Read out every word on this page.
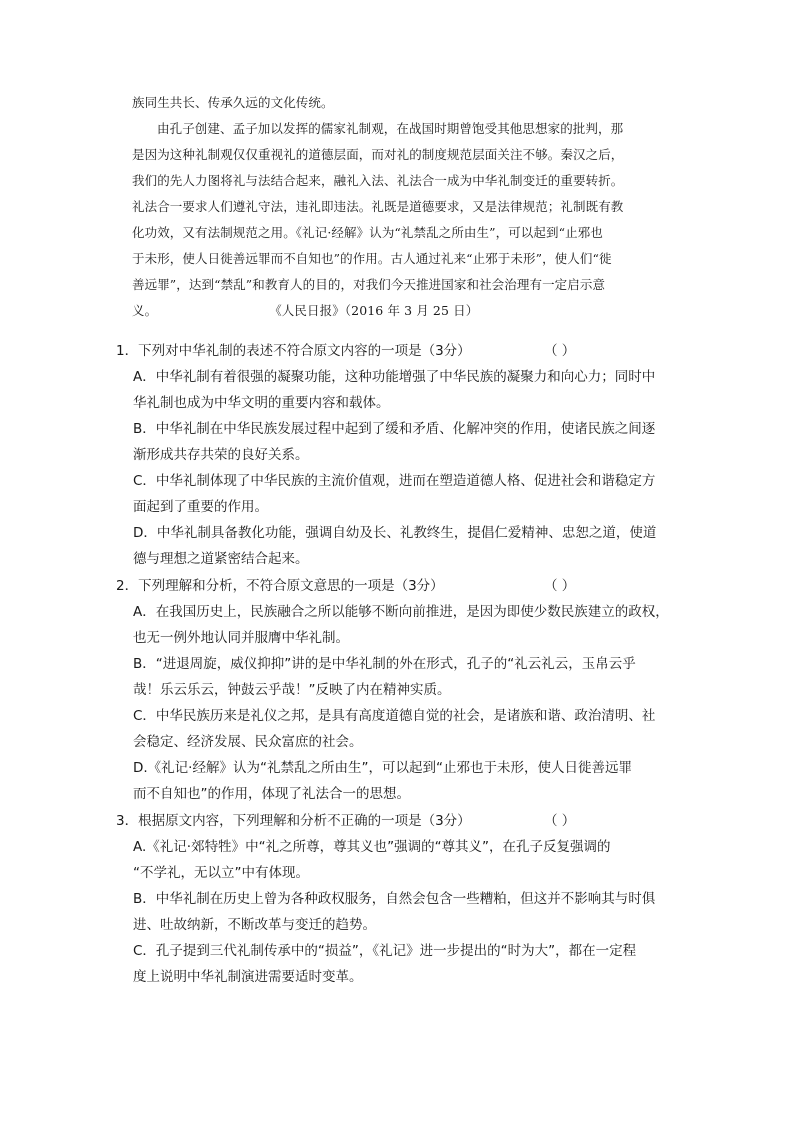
族同生共长、传承久远的文化传统。

由孔子创建、孟子加以发挥的儒家礼制观，在战国时期曾饱受其他思想家的批判，那

是因为这种礼制观仅仅重视礼的道德层面，而对礼的制度规范层面关注不够。秦汉之后，

我们的先人力图将礼与法结合起来，融礼入法、礼法合一成为中华礼制变迁的重要转折。

礼法合一要求人们遵礼守法，违礼即违法。礼既是道德要求，又是法律规范；礼制既有教

化功效，又有法制规范之用。《礼记·经解》认为“礼禁乱之所由生”，可以起到“止邪也

于未形，使人日徙善远罪而不自知也”的作用。古人通过礼来“止邪于未形”，使人们“徙

善远罪”，达到“禁乱”和教育人的目的，对我们今天推进国家和社会治理有一定启示意

义。	《人民日报》（2016 年 3 月 25 日）

1．下列对中华礼制的表述不符合原文内容的一项是（3分）	（ ）
A．中华礼制有着很强的凝聚功能，这种功能增强了中华民族的凝聚力和向心力；同时中
华礼制也成为中华文明的重要内容和载体。
B．中华礼制在中华民族发展过程中起到了缓和矛盾、化解冲突的作用，使诸民族之间逐
渐形成共存共荣的良好关系。
C．中华礼制体现了中华民族的主流价值观，进而在塑造道德人格、促进社会和谐稳定方
面起到了重要的作用。
D．中华礼制具备教化功能，强调自幼及长、礼教终生，提倡仁爱精神、忠恕之道，使道
德与理想之道紧密结合起来。
2．下列理解和分析，不符合原文意思的一项是（3分）	（ ）
A．在我国历史上，民族融合之所以能够不断向前推进，是因为即使少数民族建立的政权，
也无一例外地认同并服膺中华礼制。
B．“进退周旋，威仪抑抑”讲的是中华礼制的外在形式，孔子的“礼云礼云，玉帛云乎
哉！乐云乐云，钟鼓云乎哉！”反映了内在精神实质。
C．中华民族历来是礼仪之邦，是具有高度道德自觉的社会，是诸族和谐、政治清明、社
会稳定、经济发展、民众富庶的社会。
D.《礼记·经解》认为“礼禁乱之所由生”，可以起到“止邪也于未形，使人日徙善远罪
而不自知也”的作用，体现了礼法合一的思想。
3．根据原文内容，下列理解和分析不正确的一项是（3分）	（ ）
A.《礼记·郊特牲》中“礼之所尊，尊其义也”强调的“尊其义”，在孔子反复强调的
“不学礼，无以立”中有体现。
B．中华礼制在历史上曾为各种政权服务，自然会包含一些糟粕，但这并不影响其与时俱
进、吐故纳新，不断改革与变迁的趋势。
C．孔子提到三代礼制传承中的“损益”，《礼记》进一步提出的“时为大”，都在一定程
度上说明中华礼制演进需要适时变革。
